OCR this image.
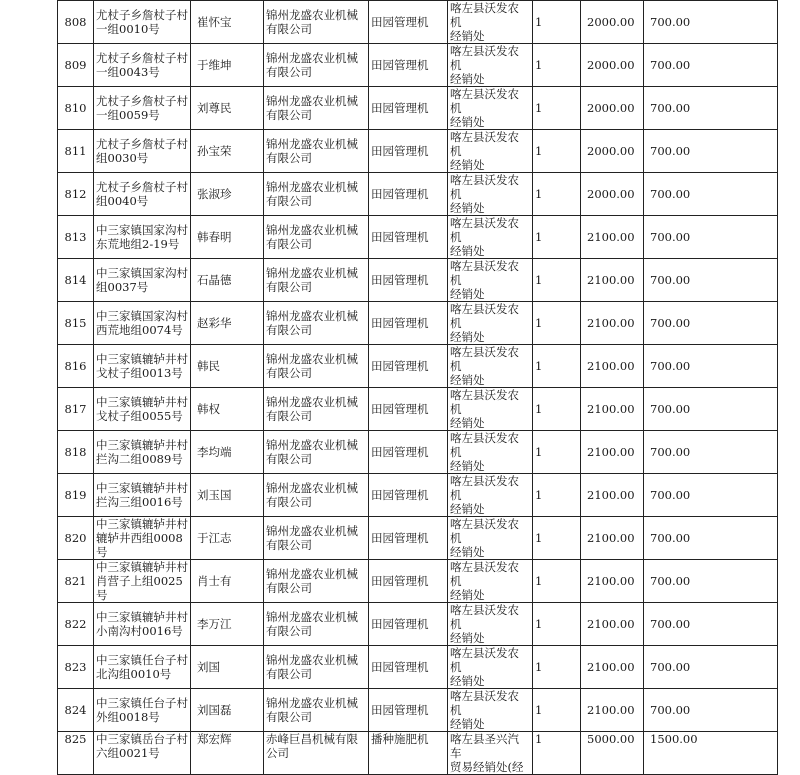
808	尤杖子乡詹杖子村
一组0010号	崔怀宝	锦州龙盛农业机械
有限公司	田园管理机	喀左县沃发农机
经销处	1	2000.00	700.00
809	尤杖子乡詹杖子村
一组0043号	于维坤	锦州龙盛农业机械
有限公司	田园管理机	喀左县沃发农机
经销处	1	2000.00	700.00
810	尤杖子乡詹杖子村
一组0059号	刘尊民	锦州龙盛农业机械
有限公司	田园管理机	喀左县沃发农机
经销处	1	2000.00	700.00
811	尤杖子乡詹杖子村
组0030号	孙宝荣	锦州龙盛农业机械
有限公司	田园管理机	喀左县沃发农机
经销处	1	2000.00	700.00
812	尤杖子乡詹杖子村
组0040号	张淑珍	锦州龙盛农业机械
有限公司	田园管理机	喀左县沃发农机
经销处	1	2000.00	700.00
813	中三家镇国家沟村
东荒地组2-19号	韩春明	锦州龙盛农业机械
有限公司	田园管理机	喀左县沃发农机
经销处	1	2100.00	700.00
814	中三家镇国家沟村
组0037号	石晶德	锦州龙盛农业机械
有限公司	田园管理机	喀左县沃发农机
经销处	1	2100.00	700.00
815	中三家镇国家沟村
西荒地组0074号	赵彩华	锦州龙盛农业机械
有限公司	田园管理机	喀左县沃发农机
经销处	1	2100.00	700.00
816	中三家镇辘轳井村
戈杖子组0013号	韩民	锦州龙盛农业机械
有限公司	田园管理机	喀左县沃发农机
经销处	1	2100.00	700.00
817	中三家镇辘轳井村
戈杖子组0055号	韩权	锦州龙盛农业机械
有限公司	田园管理机	喀左县沃发农机
经销处	1	2100.00	700.00
818	中三家镇辘轳井村
拦沟二组0089号	李均端	锦州龙盛农业机械
有限公司	田园管理机	喀左县沃发农机
经销处	1	2100.00	700.00
819	中三家镇辘轳井村
拦沟三组0016号	刘玉国	锦州龙盛农业机械
有限公司	田园管理机	喀左县沃发农机
经销处	1	2100.00	700.00
820	中三家镇辘轳井村
辘轳井西组0008号	于江志	锦州龙盛农业机械
有限公司	田园管理机	喀左县沃发农机
经销处	1	2100.00	700.00
821	中三家镇辘轳井村
肖营子上组0025号	肖士有	锦州龙盛农业机械
有限公司	田园管理机	喀左县沃发农机
经销处	1	2100.00	700.00
822	中三家镇辘轳井村
小南沟村0016号	李万江	锦州龙盛农业机械
有限公司	田园管理机	喀左县沃发农机
经销处	1	2100.00	700.00
823	中三家镇任台子村
北沟组0010号	刘国	锦州龙盛农业机械
有限公司	田园管理机	喀左县沃发农机
经销处	1	2100.00	700.00
824	中三家镇任台子村
外组0018号	刘国磊	锦州龙盛农业机械
有限公司	田园管理机	喀左县沃发农机
经销处	1	2100.00	700.00
825	中三家镇岳台子村
六组0021号	郑宏辉	赤峰巨昌机械有限
公司	播种施肥机	喀左县圣兴汽车
贸易经销处(经	1	5000.00	1500.00
